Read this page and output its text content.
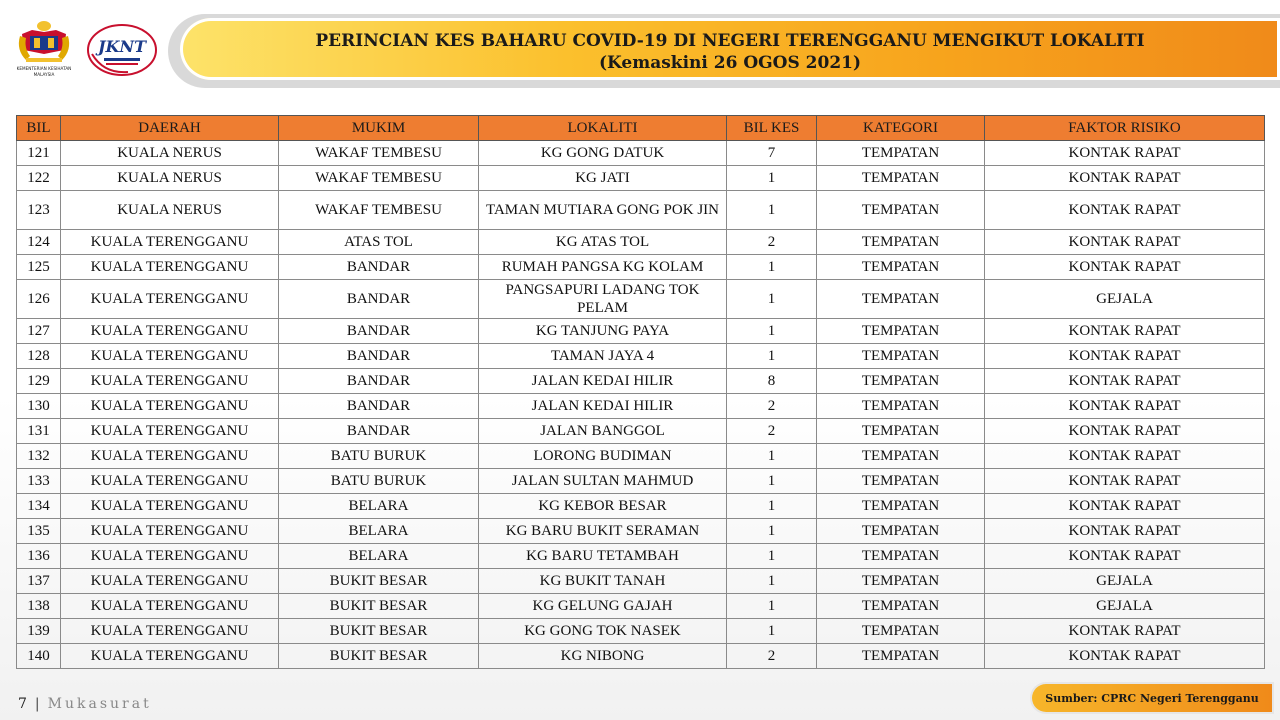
KEMENTERIAN KESIHATAN
MALAYSIA
JKNT	PERINCIAN KES BAHARU COVID-19 DI NEGERI TERENGGANU MENGIKUT LOKALITI
(Kemaskini 26 OGOS 2021)
BIL	DAERAH	MUKIM	LOKALITI	BIL KES	KATEGORI	FAKTOR RISIKO
121	KUALA NERUS	WAKAF TEMBESU	KG GONG DATUK	7	TEMPATAN	KONTAK RAPAT
122	KUALA NERUS	WAKAF TEMBESU	KG JATI	1	TEMPATAN	KONTAK RAPAT
123	KUALA NERUS	WAKAF TEMBESU	TAMAN MUTIARA GONG POK JIN	1	TEMPATAN	KONTAK RAPAT
124	KUALA TERENGGANU	ATAS TOL	KG ATAS TOL	2	TEMPATAN	KONTAK RAPAT
125	KUALA TERENGGANU	BANDAR	RUMAH PANGSA KG KOLAM	1	TEMPATAN	KONTAK RAPAT
126	KUALA TERENGGANU	BANDAR	PANGSAPURI LADANG TOK PELAM	1	TEMPATAN	GEJALA
127	KUALA TERENGGANU	BANDAR	KG TANJUNG PAYA	1	TEMPATAN	KONTAK RAPAT
128	KUALA TERENGGANU	BANDAR	TAMAN JAYA 4	1	TEMPATAN	KONTAK RAPAT
129	KUALA TERENGGANU	BANDAR	JALAN KEDAI HILIR	8	TEMPATAN	KONTAK RAPAT
130	KUALA TERENGGANU	BANDAR	JALAN KEDAI HILIR	2	TEMPATAN	KONTAK RAPAT
131	KUALA TERENGGANU	BANDAR	JALAN BANGGOL	2	TEMPATAN	KONTAK RAPAT
132	KUALA TERENGGANU	BATU BURUK	LORONG BUDIMAN	1	TEMPATAN	KONTAK RAPAT
133	KUALA TERENGGANU	BATU BURUK	JALAN SULTAN MAHMUD	1	TEMPATAN	KONTAK RAPAT
134	KUALA TERENGGANU	BELARA	KG KEBOR BESAR	1	TEMPATAN	KONTAK RAPAT
135	KUALA TERENGGANU	BELARA	KG BARU BUKIT SERAMAN	1	TEMPATAN	KONTAK RAPAT
136	KUALA TERENGGANU	BELARA	KG BARU TETAMBAH	1	TEMPATAN	KONTAK RAPAT
137	KUALA TERENGGANU	BUKIT BESAR	KG BUKIT TANAH	1	TEMPATAN	GEJALA
138	KUALA TERENGGANU	BUKIT BESAR	KG GELUNG GAJAH	1	TEMPATAN	GEJALA
139	KUALA TERENGGANU	BUKIT BESAR	KG GONG TOK NASEK	1	TEMPATAN	KONTAK RAPAT
140	KUALA TERENGGANU	BUKIT BESAR	KG NIBONG	2	TEMPATAN	KONTAK RAPAT
7 | Mukasurat	Sumber: CPRC Negeri Terengganu
